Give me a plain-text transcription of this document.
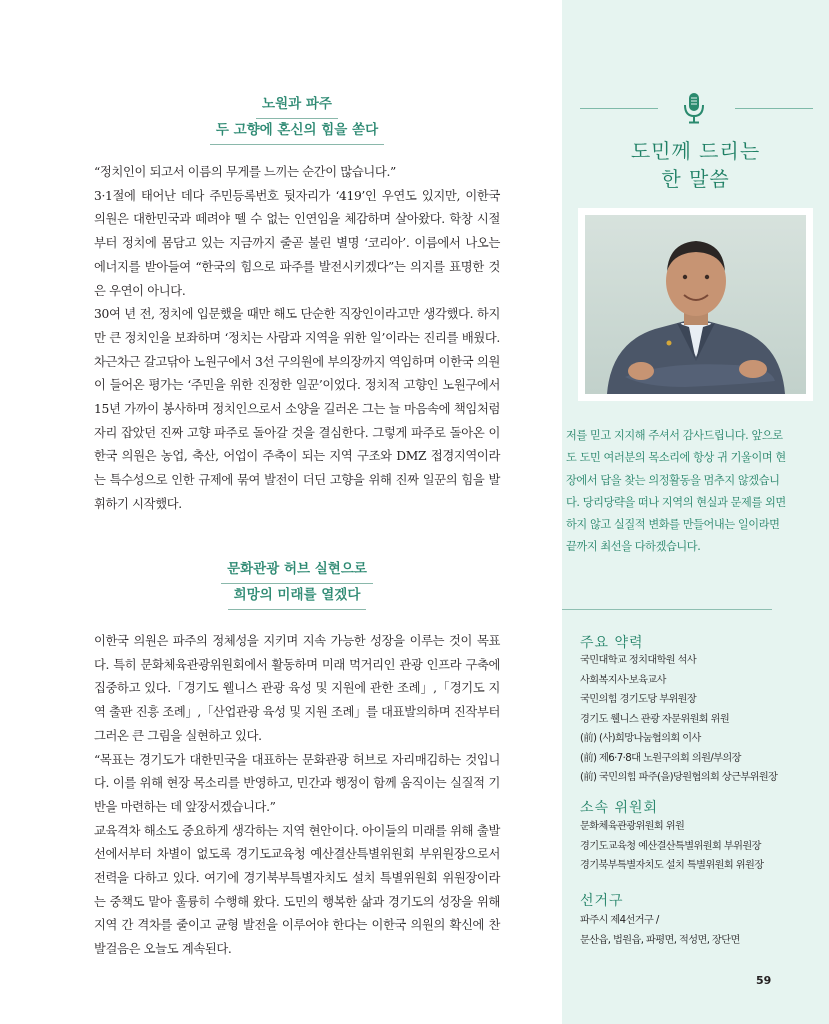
노원과 파주
두 고향에 혼신의 힘을 쏟다

“정치인이 되고서 이름의 무게를 느끼는 순간이 많습니다.”

3·1절에 태어난 데다 주민등록번호 뒷자리가 ‘419’인 우연도 있지만, 이한국 의원은 대한민국과 떼려야 뗄 수 없는 인연임을 체감하며 살아왔다. 학창 시절부터 정치에 몸담고 있는 지금까지 줄곧 불린 별명 ‘코리아’. 이름에서 나오는 에너지를 받아들여 “한국의 힘으로 파주를 발전시키겠다”는 의지를 표명한 것은 우연이 아니다.

30여 년 전, 정치에 입문했을 때만 해도 단순한 직장인이라고만 생각했다. 하지만 큰 정치인을 보좌하며 ‘정치는 사람과 지역을 위한 일’이라는 진리를 배웠다. 차근차근 갈고닦아 노원구에서 3선 구의원에 부의장까지 역임하며 이한국 의원이 들어온 평가는 ‘주민을 위한 진정한 일꾼’이었다. 정치적 고향인 노원구에서 15년 가까이 봉사하며 정치인으로서 소양을 길러온 그는 늘 마음속에 책임처럼 자리 잡았던 진짜 고향 파주로 돌아갈 것을 결심한다. 그렇게 파주로 돌아온 이한국 의원은 농업, 축산, 어업이 주축이 되는 지역 구조와 DMZ 접경지역이라는 특수성으로 인한 규제에 묶여 발전이 더딘 고향을 위해 진짜 일꾼의 힘을 발휘하기 시작했다.

문화관광 허브 실현으로
희망의 미래를 열겠다

이한국 의원은 파주의 정체성을 지키며 지속 가능한 성장을 이루는 것이 목표다. 특히 문화체육관광위원회에서 활동하며 미래 먹거리인 관광 인프라 구축에 집중하고 있다.「경기도 웰니스 관광 육성 및 지원에 관한 조례」,「경기도 지역 출판 진흥 조례」,「산업관광 육성 및 지원 조례」를 대표발의하며 진작부터 그러온 큰 그림을 실현하고 있다.

“목표는 경기도가 대한민국을 대표하는 문화관광 허브로 자리매김하는 것입니다. 이를 위해 현장 목소리를 반영하고, 민간과 행정이 함께 움직이는 실질적 기반을 마련하는 데 앞장서겠습니다.”

교육격차 해소도 중요하게 생각하는 지역 현안이다. 아이들의 미래를 위해 출발선에서부터 차별이 없도록 경기도교육청 예산결산특별위원회 부위원장으로서 전력을 다하고 있다. 여기에 경기북부특별자치도 설치 특별위원회 위원장이라는 중책도 맡아 훌륭히 수행해 왔다. 도민의 행복한 삶과 경기도의 성장을 위해 지역 간 격차를 줄이고 균형 발전을 이루어야 한다는 이한국 의원의 확신에 찬 발걸음은 오늘도 계속된다.

도민께 드리는
한 말씀
저를 믿고 지지해 주셔서 감사드립니다. 앞으로도 도민 여러분의 목소리에 항상 귀 기울이며 현장에서 답을 찾는 의정활동을 멈추지 않겠습니다. 당리당략을 떠나 지역의 현실과 문제를 외면하지 않고 실질적 변화를 만들어내는 일이라면 끝까지 최선을 다하겠습니다.
주요 약력
국민대학교 정치대학원 석사
사회복지사·보육교사
국민의힘 경기도당 부위원장
경기도 웰니스 관광 자문위원회 위원
(前) (사)희망나눔협의회 이사
(前) 제6·7·8대 노원구의회 의원/부의장
(前) 국민의힘 파주(을)당원협의회 상근부위원장
소속 위원회
문화체육관광위원회 위원
경기도교육청 예산결산특별위원회 부위원장
경기북부특별자치도 설치 특별위원회 위원장
선거구
파주시 제4선거구 /
문산읍, 법원읍, 파평면, 적성면, 장단면
59
